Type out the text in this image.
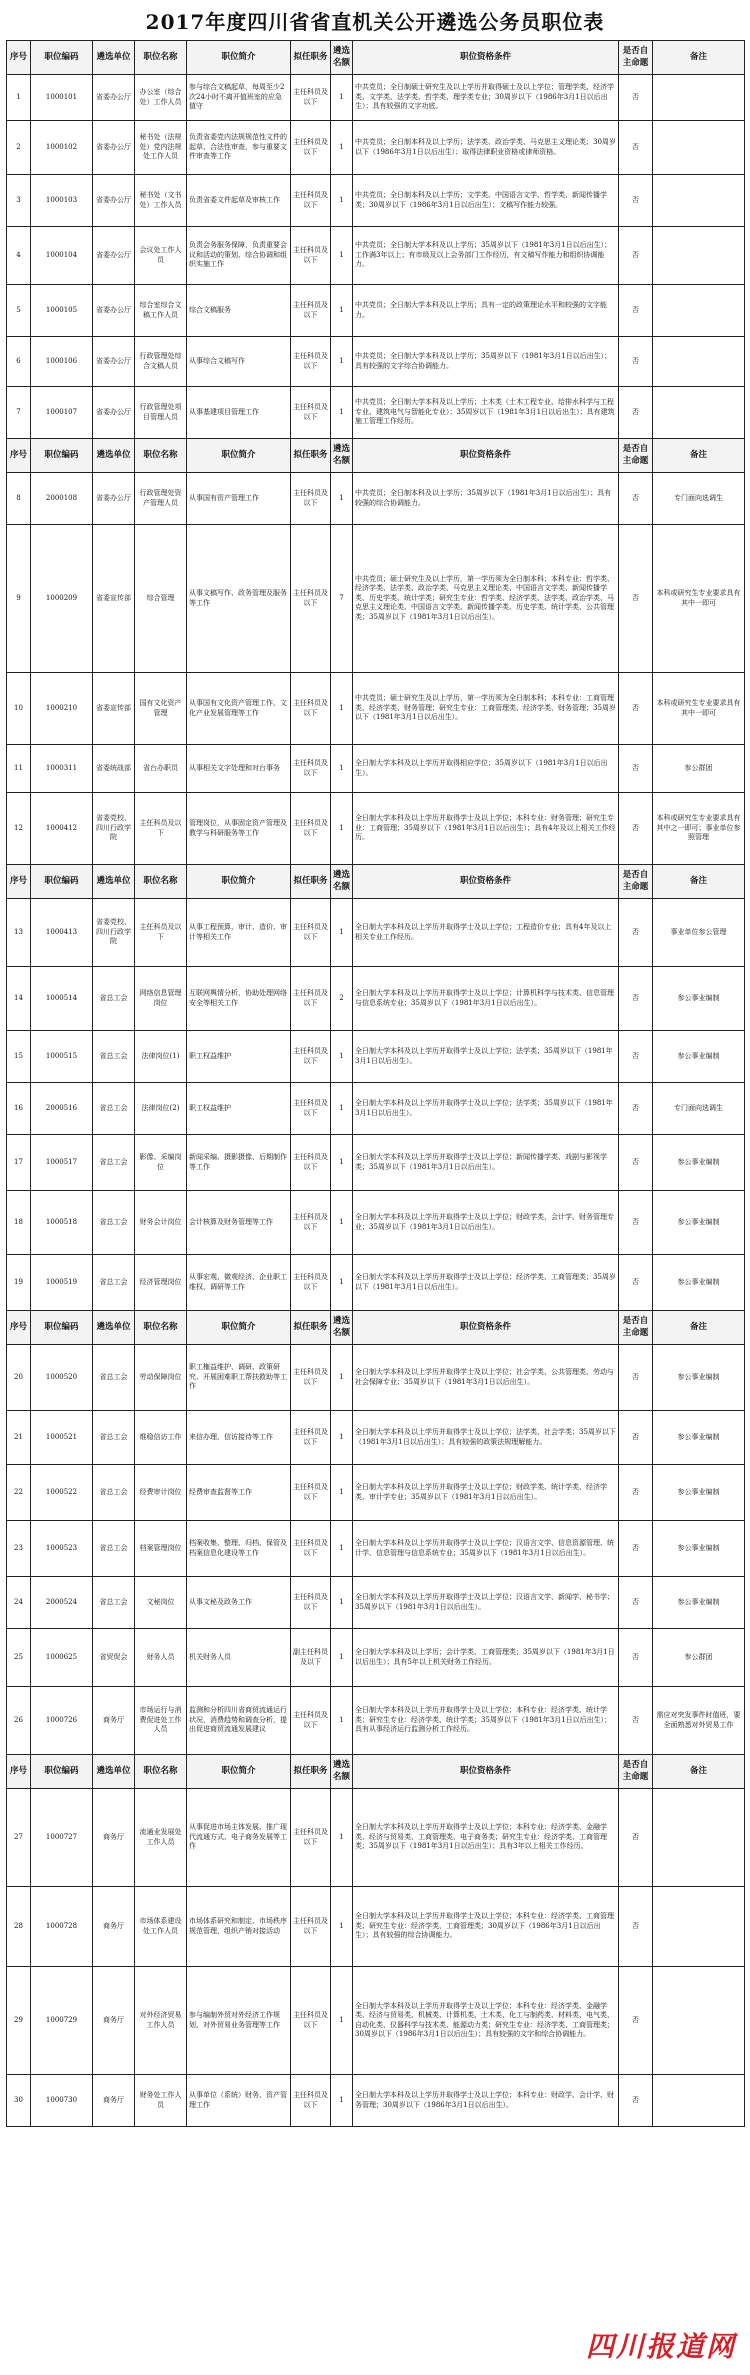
2017年度四川省省直机关公开遴选公务员职位表
序号	职位编码	遴选单位	职位名称	职位简介	拟任职务	遴选名额	职位资格条件	是否自主命题	备注
1	1000101	省委办公厅	办公室（综合处）工作人员	参与综合文稿起草，每周至少2次24小时不离开值班室的应急值守	主任科员及以下	1	中共党员；全日制硕士研究生及以上学历并取得硕士及以上学位；管理学类、经济学类、文学类、法学类、哲学类、理学类专业；30周岁以下（1986年3月1日以后出生）；具有较强的文字功底。	否	
2	1000102	省委办公厅	秘书处（法规处）党内法规处工作人员	负责省委党内法规规范性文件的起草、合法性审查，参与重要文件审查等工作	主任科员及以下	1	中共党员；全日制本科及以上学历；法学类、政治学类、马克思主义理论类；30周岁以下（1986年3月1日以后出生）；取得法律职业资格或律师资格。	否	
3	1000103	省委办公厅	秘书处（文书处）工作人员	负责省委文件起草及审核工作	主任科员及以下	1	中共党员；全日制本科及以上学历；文学类、中国语言文学、哲学类、新闻传播学类；30周岁以下（1986年3月1日以后出生）；文稿写作能力较强。	否	
4	1000104	省委办公厅	会议处工作人员	负责会务服务保障，负责重要会议和活动的策划、综合协调和组织实施工作	主任科员及以下	1	中共党员；全日制大学本科及以上学历；35周岁以下（1981年3月1日以后出生）；工作满3年以上；有市级及以上会务部门工作经历，有文稿写作能力和组织协调能力。	否	
5	1000105	省委办公厅	综合室综合文稿工作人员	综合文稿服务	主任科员及以下	1	中共党员；全日制大学本科及以上学历；具有一定的政策理论水平和较强的文字能力。	否	
6	1000106	省委办公厅	行政管理处综合文稿人员	从事综合文稿写作	主任科员及以下	1	中共党员；全日制大学本科及以上学历；35周岁以下（1981年3月1日以后出生）；具有较强的文字综合协调能力。	否	
7	1000107	省委办公厅	行政管理处项目管理人员	从事基建项目管理工作	主任科员及以下	1	中共党员；全日制大学本科及以上学历；土木类（土木工程专业、给排水科学与工程专业、建筑电气与智能化专业）；35周岁以下（1981年3月1日以后出生）；具有建筑施工管理工作经历。	否	
序号	职位编码	遴选单位	职位名称	职位简介	拟任职务	遴选名额	职位资格条件	是否自主命题	备注
8	2000108	省委办公厅	行政管理处资产管理人员	从事国有资产管理工作	主任科员及以下	1	中共党员；全日制本科及以上学历；35周岁以下（1981年3月1日以后出生）；具有较强的综合协调能力。	否	专门面向选调生
9	1000209	省委宣传部	综合管理	从事文稿写作、政务管理及服务等工作	主任科员及以下	7	中共党员；硕士研究生及以上学历，第一学历须为全日制本科；本科专业：哲学类、经济学类、法学类、政治学类、马克思主义理论类、中国语言文学类、新闻传播学类、历史学类、统计学类；研究生专业：哲学类、经济学类、法学类、政治学类、马克思主义理论类、中国语言文学类、新闻传播学类、历史学类、统计学类、公共管理类；35周岁以下（1981年3月1日以后出生）。	否	本科或研究生专业要求具有其中一即可
10	1000210	省委宣传部	国有文化资产管理	从事国有文化资产管理工作，文化产业发展管理等工作	主任科员及以下	1	中共党员；硕士研究生及以上学历，第一学历须为全日制本科；本科专业：工商管理类、经济学类、财务管理；研究生专业：工商管理类、经济学类、财务管理；35周岁以下（1981年3月1日以后出生）。	否	本科或研究生专业要求具有其中一即可
11	1000311	省委统战部	省台办职员	从事相关文字处理和对台事务	主任科员及以下	1	全日制大学本科及以上学历并取得相应学位；35周岁以下（1981年3月1日以后出生）。	否	参公群团
12	1000412	省委党校、四川行政学院	主任科员及以下	管理岗位，从事固定资产管理及教学与科研服务等工作	主任科员及以下	1	全日制大学本科及以上学历并取得学士及以上学位；本科专业：财务管理；研究生专业：工商管理；35周岁以下（1981年3月1日以后出生）；具有4年及以上相关工作经历。	否	本科或研究生专业要求具有其中之一即可；事业单位参照管理
序号	职位编码	遴选单位	职位名称	职位简介	拟任职务	遴选名额	职位资格条件	是否自主命题	备注
13	1000413	省委党校、四川行政学院	主任科员及以下	从事工程预算、审计、造价、审计等相关工作	主任科员及以下	1	全日制大学本科及以上学历并取得学士及以上学位；工程造价专业；具有4年及以上相关专业工作经历。	否	事业单位参公管理
14	1000514	省总工会	网络信息管理岗位	互联网舆情分析，协助处理网络安全等相关工作	主任科员及以下	2	全日制大学本科及以上学历并取得学士及以上学位；计算机科学与技术类、信息管理与信息系统专业；35周岁以下（1981年3月1日以后出生）。	否	参公事业编制
15	1000515	省总工会	法律岗位(1)	职工权益维护	主任科员及以下	1	全日制大学本科及以上学历并取得学士及以上学位；法学类；35周岁以下（1981年3月1日以后出生）。	否	参公事业编制
16	2000516	省总工会	法律岗位(2)	职工权益维护	主任科员及以下	1	全日制大学本科及以上学历并取得学士及以上学位；法学类；35周岁以下（1981年3月1日以后出生）。	否	专门面向选调生
17	1000517	省总工会	影像、采编岗位	新闻采编、摄影摄像、后期制作等工作	主任科员及以下	1	全日制大学本科及以上学历并取得学士及以上学位；新闻传播学类、戏剧与影视学类；35周岁以下（1981年3月1日以后出生）。	否	参公事业编制
18	1000518	省总工会	财务会计岗位	会计核算及财务管理等工作	主任科员及以下	1	全日制大学本科及以上学历并取得学士及以上学位；财政学类、会计学、财务管理专业；35周岁以下（1981年3月1日以后出生）。	否	参公事业编制
19	1000519	省总工会	经济管理岗位	从事宏观、微观经济、企业职工维权、调研等工作	主任科员及以下	1	全日制大学本科及以上学历并取得学士及以上学位；经济学类、工商管理类；35周岁以下（1981年3月1日以后出生）。	否	参公事业编制
序号	职位编码	遴选单位	职位名称	职位简介	拟任职务	遴选名额	职位资格条件	是否自主命题	备注
20	1000520	省总工会	劳动保障岗位	职工権益维护、调研、政策研究、开展困难职工帮扶救助等工作	主任科员及以下	1	全日制大学本科及以上学历并取得学士及以上学位；社会学类、公共管理类、劳动与社会保障专业；35周岁以下（1981年3月1日以后出生）。	否	参公事业编制
21	1000521	省总工会	维稳信访工作	来信办理、信访接待等工作	主任科员及以下	1	全日制大学本科及以上学历并取得学士及以上学位；法学类、社会学类；35周岁以下（1981年3月1日以后出生）；具有较强的政策法规理解能力。	否	参公事业编制
22	1000522	省总工会	经费审计岗位	经费审查监督等工作	主任科员及以下	1	全日制大学本科及以上学历并取得学士及以上学位；财政学类、统计学类、经济学类、审计学专业；35周岁以下（1981年3月1日以后出生）。	否	参公事业编制
23	1000523	省总工会	档案管理岗位	档案收集、整理、归档、保管及档案信息化建设等工作	主任科员及以下	1	全日制大学本科及以上学历并取得学士及以上学位；汉语言文学、信息资源管理、统计学、信息管理与信息系统专业；35周岁以下（1981年3月1日以后出生）。	否	参公事业编制
24	2000524	省总工会	文秘岗位	从事文秘及政务工作	主任科员及以下	1	全日制大学本科及以上学历并取得学士及以上学位；汉语言文学、新闻学、秘书学；35周岁以下（1981年3月1日以后出生）。	否	参公事业编制
25	1000625	省贸促会	财务人员	机关财务人员	副主任科员及以下	1	全日制大学本科及以上学历；会计学类、工商管理类；35周岁以下（1981年3月1日以后出生）；具有5年以上机关财务工作经历。	否	参公群团
26	1000726	商务厅	市场运行与消费促进处工作人员	监测和分析四川省商贸流通运行状况，消费趋势和调查分析，提出促进商贸流通发展建议	主任科员及以下	1	全日制大学本科及以上学历并取得学士及以上学位；本科专业：经济学类、统计学类；研究生专业：经济学类、统计学类；35周岁以下（1981年3月1日以后出生）；具有从事经济运行监测分析工作经历。	否	需应对突发事件时值班，要全面熟悉对外贸易工作
序号	职位编码	遴选单位	职位名称	职位简介	拟任职务	遴选名额	职位资格条件	是否自主命题	备注
27	1000727	商务厅	流通业发展处工作人员	从事促进市场主体发展、推广现代流通方式、电子商务发展等工作	主任科员及以下	1	全日制大学本科及以上学历并取得学士及以上学位；本科专业：经济学类、金融学类、经济与贸易类、工商管理类、电子商务类；研究生专业：经济学类、工商管理类；35周岁以下（1981年3月1日以后出生）；具有3年以上相关工作经历。	否	
28	1000728	商务厅	市场体系建设处工作人员	市场体系研究和制定、市场秩序规范管理、组织产销对接活动	主任科员及以下	1	全日制大学本科及以上学历并取得学士及以上学位；本科专业：经济学类、工商管理类；研究生专业：经济学类、工商管理类；30周岁以下（1986年3月1日以后出生）；具有较强的综合协调能力。	否	
29	1000729	商务厅	对外经济贸易工作人员	参与编制外贸对外经济工作规划，对外贸易业务管理等工作	主任科员及以下	1	全日制大学本科及以上学历并取得学士及以上学位；本科专业：经济学类、金融学类、经济与贸易类、机械类、计算机类、土木类、化工与制药类、材料类、电气类、自动化类、仪器科学与技术类、能源动力类；研究生专业：经济学类、工商管理类；30周岁以下（1986年3月1日以后出生）；具有较强的文字和综合协调能力。	否	
30	1000730	商务厅	财务处工作人员	从事单位（系统）财务、资产管理工作	主任科员及以下	1	全日制大学本科及以上学历并取得学士及以上学位；本科专业：财政学、会计学、财务管理；30周岁以下（1986年3月1日以后出生）。	否	
四川报道网
